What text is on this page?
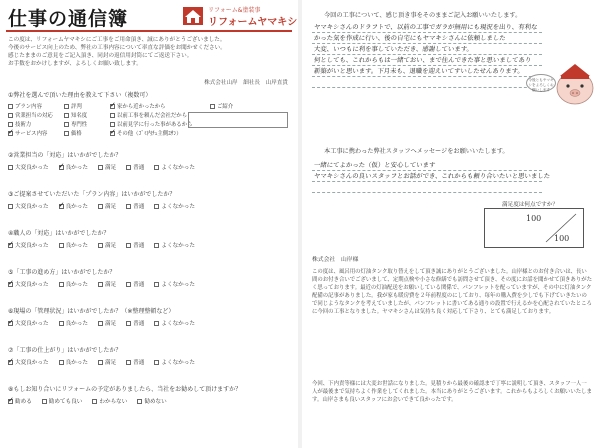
仕事の通信簿	リフォーム&塗装事
リフォームヤマキシ
この度は、リフォームヤマキシにご工事をご用命頂き、誠にありがとうございました。
今後のサービス向上のため、弊社の工事内容について率直な評価をお聞かせください。
感じたままのご意見をご記入頂き、同封の返信用封筒にてご返送下さい。
お手数をおかけしますが、よろしくお願い致します。
株式会社山岸　細社長　山岸直貴
①弊社を選んで頂いた理由を教えて下さい（複数可）
プラン内容	評判 ✓	家から近かったから
営業担当の対応	知名度	以前工事を頼んだ会社だから
技術力	専門性	以前見学に行った事があるから
✓サービス内容	価格 ✓	その他（ｺﾞﾐ内ﾁｪ主側ﾕｻﾝ）
ご紹介
②営業担当の「対応」はいかがでしたか？
大変良かった ✓	良かった	満足	普通	よくなかった
③ご提案させていただいた「プラン内容」はいかがでしたか？
大変良かった ✓	良かった	満足	普通	よくなかった
④職人の「対応」はいかがでしたか？
✓大変良かった	良かった	満足	普通	よくなかった
⑤「工事の進め方」はいかがでしたか？
✓大変良かった	良かった	満足	普通	よくなかった
⑥現場の「管理状況」はいかがでしたか？（※整理整頓など）
✓大変良かった	良かった	満足	普通	よくなかった
⑦「工事の仕上がり」はいかがでしたか？
✓大変良かった	良かった	満足	普通	よくなかった
⑧もしお知り合いにリフォームの予定がありましたら、当社をお勧めして頂けますか？
✓勧める	勧めても良い	わからない	勧めない
今回の工事について、感じ頂き事をそのままご記入お願いいたします。
ヤマキシさんのドラフトで、以前の工事でガラが無用にも現況を出り、有利な
かった気を作成に行い、後の自宅にもヤマキシさんに依頼しました
大変、いつもに利を事していただき、感謝しています。
何としても、これからもは一緒ておい、まで住んできた事と思いましてあり
新築がいと思います。下月未も、退職を迎えいてすいしたせんあります。
今後ともヤマキシをよろしくお願いします
本工事に携わった弊社スタッフへメッセージをお願いいたします。
一緒にてよかった（仮）と安心しています
ヤマキシさんの良いスタッフとお話ができ、これからも頼り合いたいと思いました
満足度は何点ですか？
100
100
株式会社　山岸様
この度は、風呂用の灯油タンク取り替えをして頂き誠にありがとうございました。山岸様とのお付き合いは、長い間のお付き合いでございまして、定期点検や小さな修繕でも訪問させて頂き、その度にお話を聞かせて頂きありがたく思っております。最近の灯油配送をお願いしている関係で、パンフレットを配っていますが、その中に灯油タンク配備の記事がありました。我が家も暖房費を２年前程度のにしており、毎年の購入費を少しでも下げていきたいので同じようなタンクを考えていましたが、パンフレットに書いてある通りの設置で行えるかを心配されていたところに今回の工事となりました。ヤマキシさんは気持ち良く対応して下さり、とても満足しております。
今回、下内責等様には大変お世話になりました。見積りから最後の確認まで丁寧に説明して頂き、スタッフ一人一人が最後まで気持ちよく作業をしてくれました。本当にありがとうございます。これからもよろしくお願いいたします。山岸さまも良いスタッフにお会いできて良かったです。
